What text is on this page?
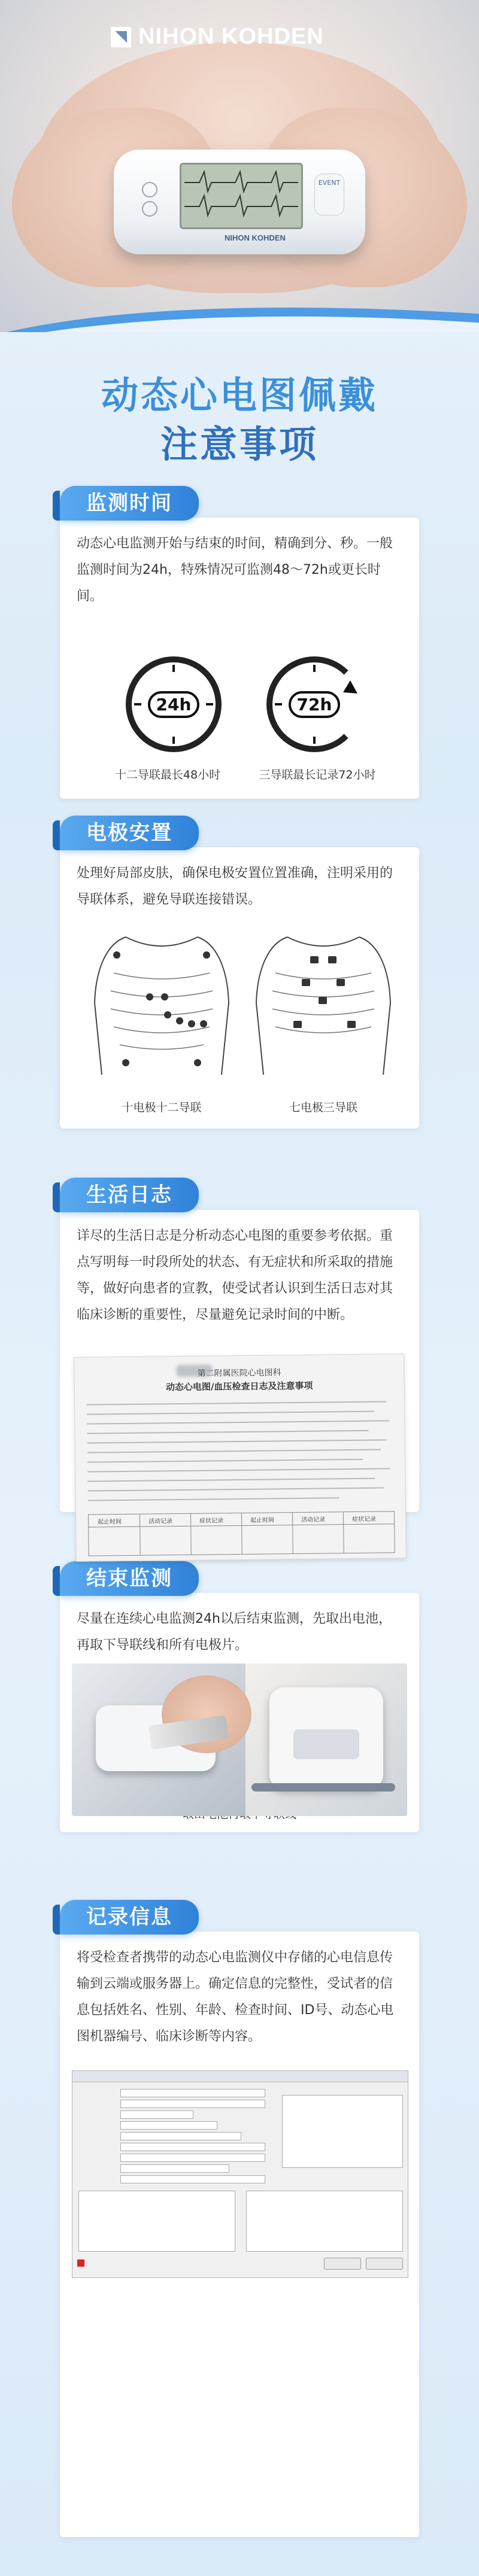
NIHON KOHDEN
EVENT
NIHON KOHDEN
动态心电图佩戴
注意事项
监测时间
动态心电监测开始与结束的时间，精确到分、秒。一般监测时间为24h，特殊情况可监测48～72h或更长时间。
24h	72h
十二导联最长48小时	三导联最长记录72小时
电极安置
处理好局部皮肤，确保电极安置位置准确，注明采用的导联体系，避免导联连接错误。
十电极十二导联	七电极三导联
生活日志
详尽的生活日志是分析动态心电图的重要参考依据。重点写明每一时段所处的状态、有无症状和所采取的措施等，做好向患者的宣教，使受试者认识到生活日志对其临床诊断的重要性，尽量避免记录时间的中断。
第二附属医院心电图科
动态心电图/血压检查日志及注意事项
起止时间	活动记录	症状记录	起止时间	活动记录	症状记录
结束监测
尽量在连续心电监测24h以后结束监测，先取出电池，再取下导联线和所有电极片。
记录信息
将受检查者携带的动态心电监测仪中存储的心电信息传输到云端或服务器上。确定信息的完整性，受试者的信息包括姓名、性别、年龄、检查时间、ID号、动态心电图机器编号、临床诊断等内容。
